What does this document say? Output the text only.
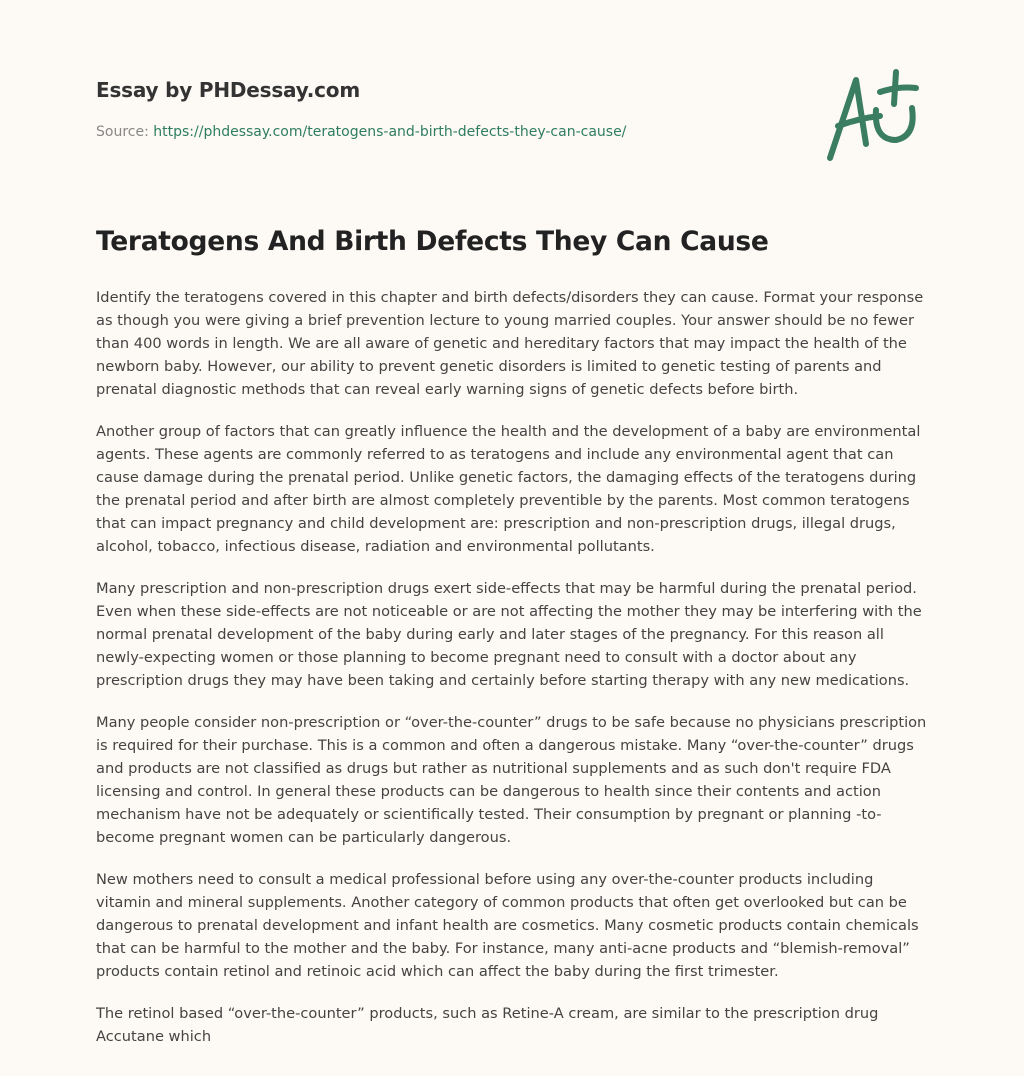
Essay by PHDessay.com
Source: https://phdessay.com/teratogens-and-birth-defects-they-can-cause/
Teratogens And Birth Defects They Can Cause

Identify the teratogens covered in this chapter and birth defects/disorders they can cause. Format your response as though you were giving a brief prevention lecture to young married couples. Your answer should be no fewer than 400 words in length. We are all aware of genetic and hereditary factors that may impact the health of the newborn baby. However, our ability to prevent genetic disorders is limited to genetic testing of parents and prenatal diagnostic methods that can reveal early warning signs of genetic defects before birth.

Another group of factors that can greatly influence the health and the development of a baby are environmental agents. These agents are commonly referred to as teratogens and include any environmental agent that can cause damage during the prenatal period. Unlike genetic factors, the damaging effects of the teratogens during the prenatal period and after birth are almost completely preventible by the parents. Most common teratogens that can impact pregnancy and child development are: prescription and non-prescription drugs, illegal drugs, alcohol, tobacco, infectious disease, radiation and environmental pollutants.

Many prescription and non-prescription drugs exert side-effects that may be harmful during the prenatal period. Even when these side-effects are not noticeable or are not affecting the mother they may be interfering with the normal prenatal development of the baby during early and later stages of the pregnancy. For this reason all newly-expecting women or those planning to become pregnant need to consult with a doctor about any prescription drugs they may have been taking and certainly before starting therapy with any new medications.

Many people consider non-prescription or “over-the-counter” drugs to be safe because no physicians prescription is required for their purchase. This is a common and often a dangerous mistake. Many “over-the-counter” drugs and products are not classified as drugs but rather as nutritional supplements and as such don't require FDA licensing and control. In general these products can be dangerous to health since their contents and action mechanism have not be adequately or scientifically tested. Their consumption by pregnant or planning -to-become pregnant women can be particularly dangerous.

New mothers need to consult a medical professional before using any over-the-counter products including vitamin and mineral supplements. Another category of common products that often get overlooked but can be dangerous to prenatal development and infant health are cosmetics. Many cosmetic products contain chemicals that can be harmful to the mother and the baby. For instance, many anti-acne products and “blemish-removal” products contain retinol and retinoic acid which can affect the baby during the first trimester.

The retinol based “over-the-counter” products, such as Retine-A cream, are similar to the prescription drug Accutane which
